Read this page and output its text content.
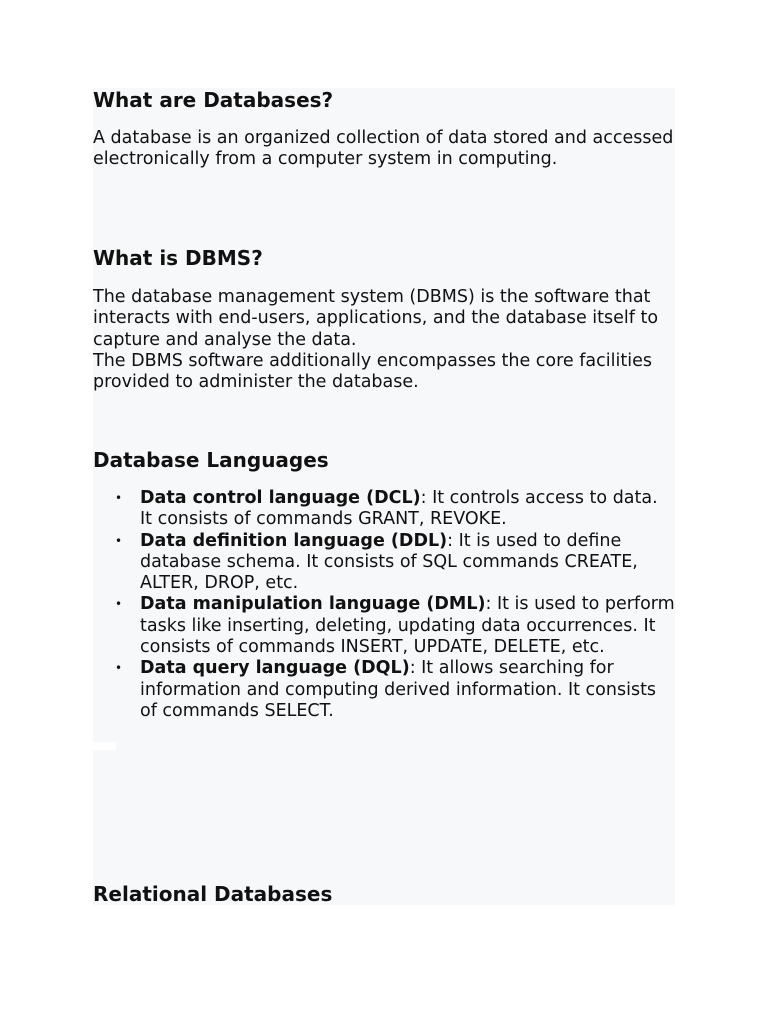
What are Databases?

A database is an organized collection of data stored and accessed electronically from a computer system in computing.

What is DBMS?

The database management system (DBMS) is the software that interacts with end-users, applications, and the database itself to capture and analyse the data.

The DBMS software additionally encompasses the core facilities provided to administer the database.

Database Languages
• Data control language (DCL): It controls access to data. It consists of commands GRANT, REVOKE.
• Data definition language (DDL): It is used to define database schema. It consists of SQL commands CREATE, ALTER, DROP, etc.
• Data manipulation language (DML): It is used to perform tasks like inserting, deleting, updating data occurrences. It consists of commands INSERT, UPDATE, DELETE, etc.
• Data query language (DQL): It allows searching for information and computing derived information. It consists of commands SELECT.
Relational Databases
